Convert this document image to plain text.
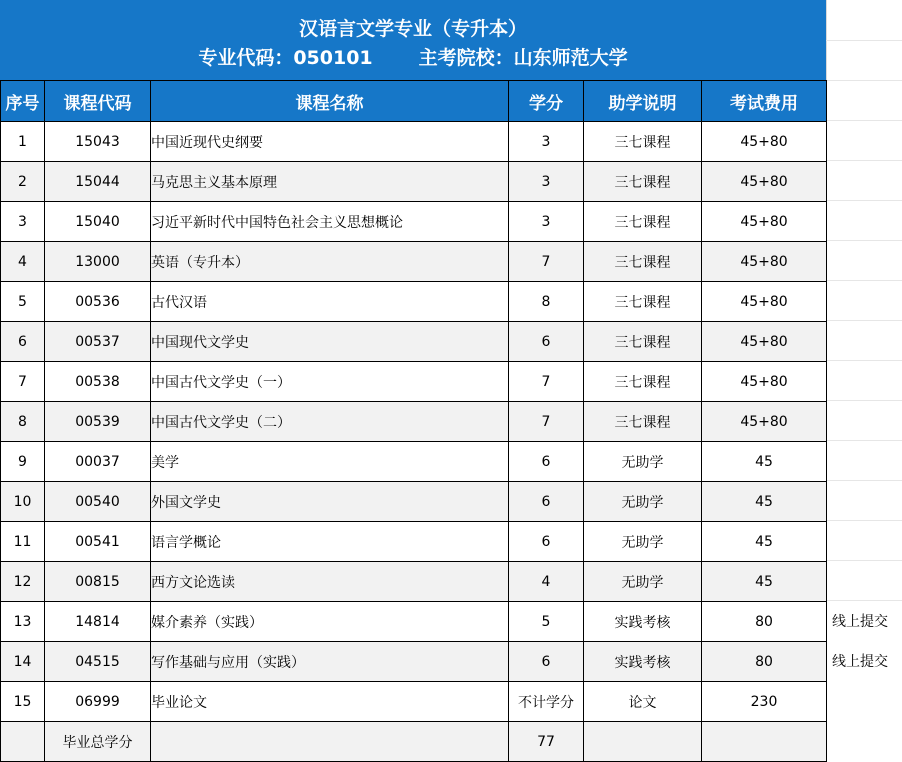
汉语言文学专业（专升本）
专业代码：050101 主考院校：山东师范大学
序号	课程代码	课程名称	学分	助学说明	考试费用
1	15043	中国近现代史纲要	3	三七课程	45+80
2	15044	马克思主义基本原理	3	三七课程	45+80
3	15040	习近平新时代中国特色社会主义思想概论	3	三七课程	45+80
4	13000	英语（专升本）	7	三七课程	45+80
5	00536	古代汉语	8	三七课程	45+80
6	00537	中国现代文学史	6	三七课程	45+80
7	00538	中国古代文学史（一）	7	三七课程	45+80
8	00539	中国古代文学史（二）	7	三七课程	45+80
9	00037	美学	6	无助学	45
10	00540	外国文学史	6	无助学	45
11	00541	语言学概论	6	无助学	45
12	00815	西方文论选读	4	无助学	45
13	14814	媒介素养（实践）	5	实践考核	80
14	04515	写作基础与应用（实践）	6	实践考核	80
15	06999	毕业论文	不计学分	论文	230
	毕业总学分		77		
线上提交
线上提交
